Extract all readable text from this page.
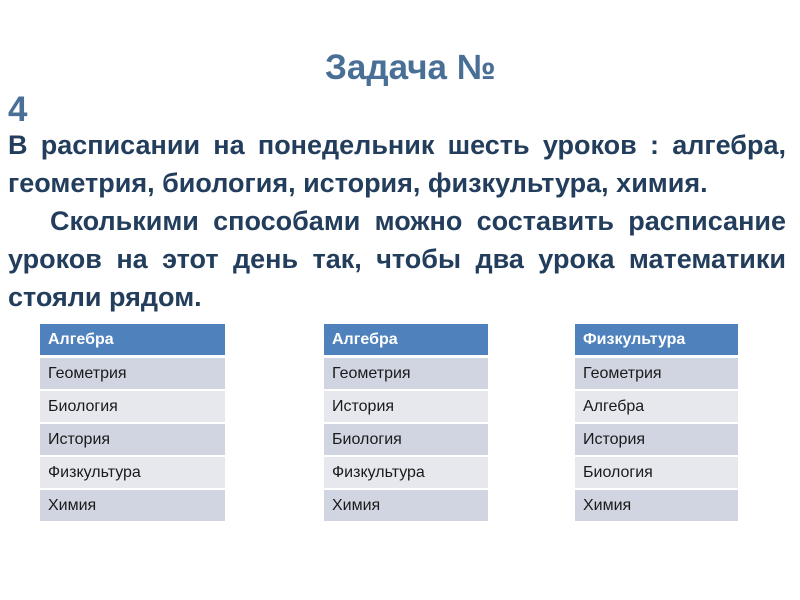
Задача №
4

В расписании на понедельник шесть уроков : алгебра, геометрия, биология, история, физкультура, химия.

Сколькими способами можно составить расписание уроков на этот день так, чтобы два урока математики стояли рядом.

Алгебра
Геометрия
Биология
История
Физкультура
Химия
Алгебра
Геометрия
История
Биология
Физкультура
Химия
Физкультура
Геометрия
Алгебра
История
Биология
Химия
